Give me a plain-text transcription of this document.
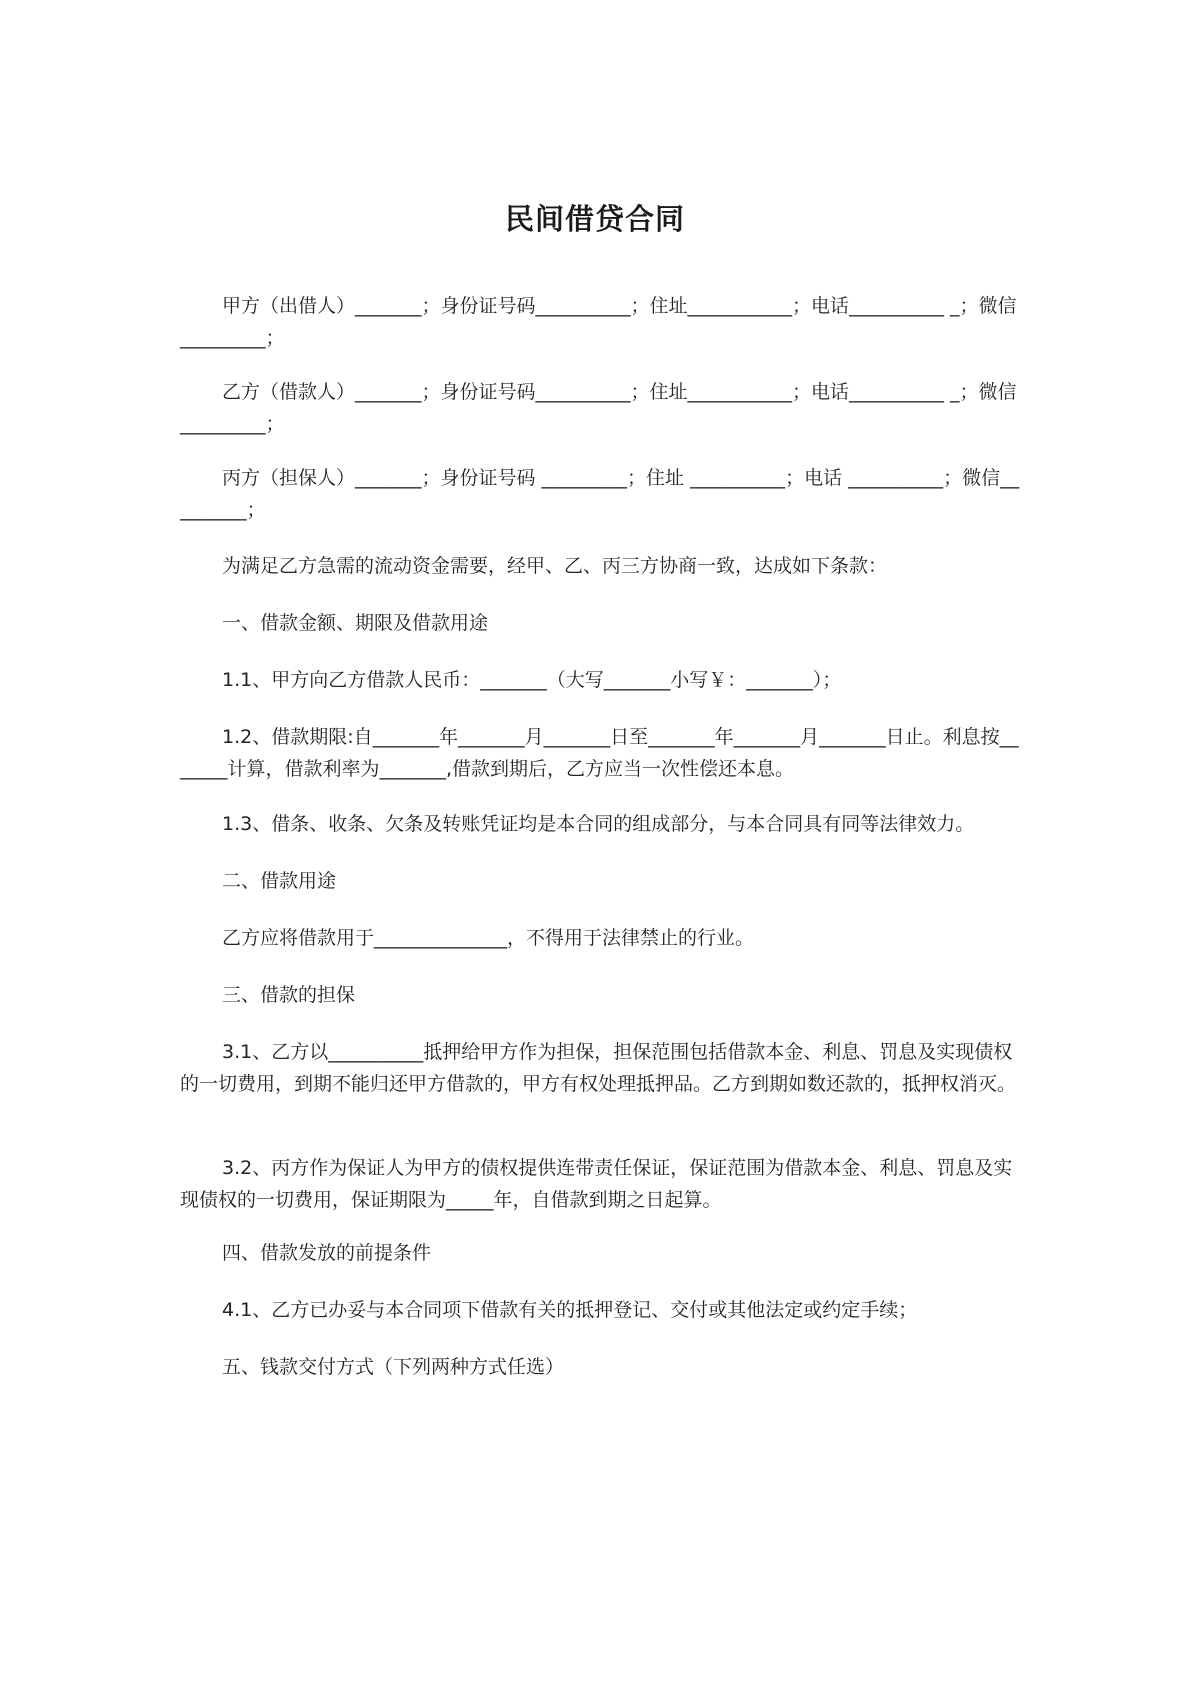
民间借贷合同

甲方（出借人）_______；身份证号码__________；住址___________；电话__________ _；微信_________；

乙方（借款人）_______；身份证号码__________；住址___________；电话__________ _；微信_________；

丙方（担保人）_______；身份证号码 _________；住址 __________；电话 __________；微信_________；

为满足乙方急需的流动资金需要，经甲、乙、丙三方协商一致，达成如下条款：

一、借款金额、期限及借款用途

1.1、甲方向乙方借款人民币：_______（大写_______小写￥：_______）；

1.2、借款期限:自_______年_______月_______日至_______年_______月_______日止。利息按_______计算，借款利率为_______,借款到期后，乙方应当一次性偿还本息。

1.3、借条、收条、欠条及转账凭证均是本合同的组成部分，与本合同具有同等法律效力。

二、借款用途

乙方应将借款用于______________，不得用于法律禁止的行业。

三、借款的担保

3.1、乙方以__________抵押给甲方作为担保，担保范围包括借款本金、利息、罚息及实现债权的一切费用，到期不能归还甲方借款的，甲方有权处理抵押品。乙方到期如数还款的，抵押权消灭。

3.2、丙方作为保证人为甲方的债权提供连带责任保证，保证范围为借款本金、利息、罚息及实现债权的一切费用，保证期限为_____年，自借款到期之日起算。

四、借款发放的前提条件

4.1、乙方已办妥与本合同项下借款有关的抵押登记、交付或其他法定或约定手续；

五、钱款交付方式（下列两种方式任选）
